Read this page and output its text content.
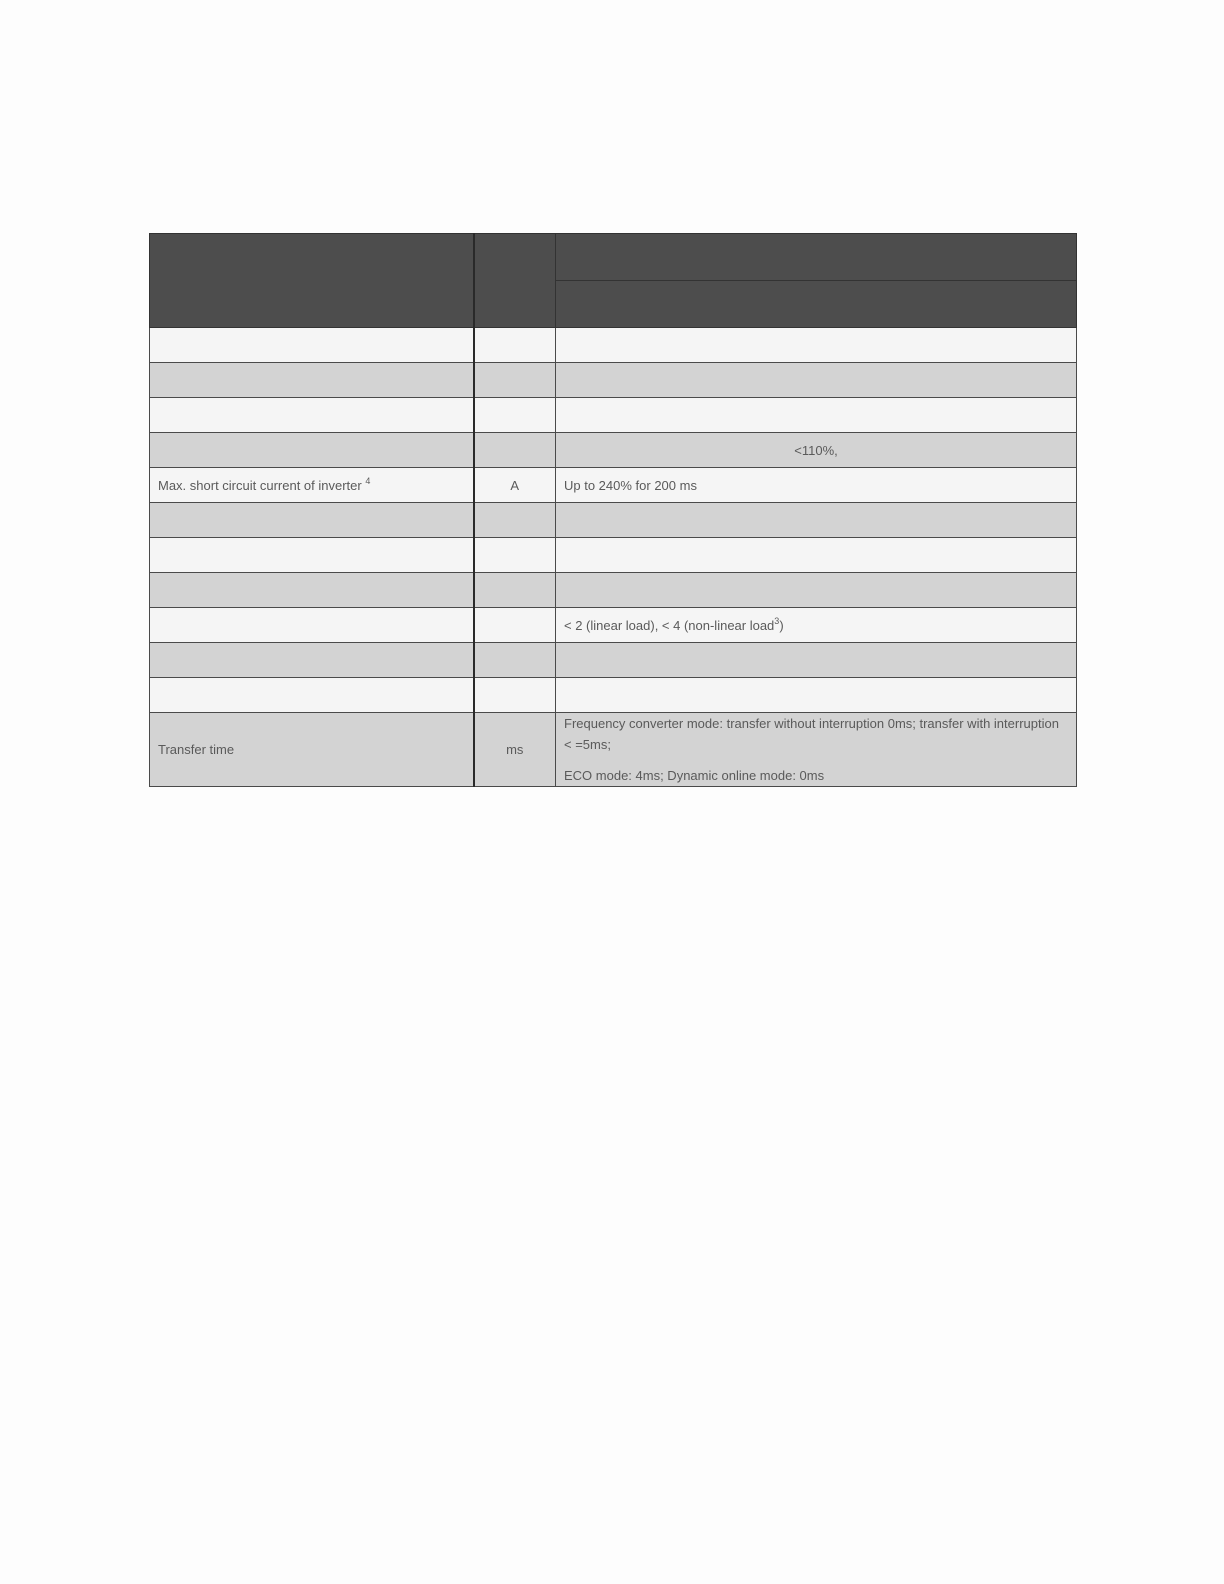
		<110%,

Max. short circuit current of inverter $^4$	A	Up to 240% for 200 ms

		< 2 (linear load), < 4 (non-linear load$^3$)

Transfer time	ms	Frequency converter mode: transfer without interruption 0ms; transfer with interruption < =5ms;
ECO mode: 4ms; Dynamic online mode: 0ms
